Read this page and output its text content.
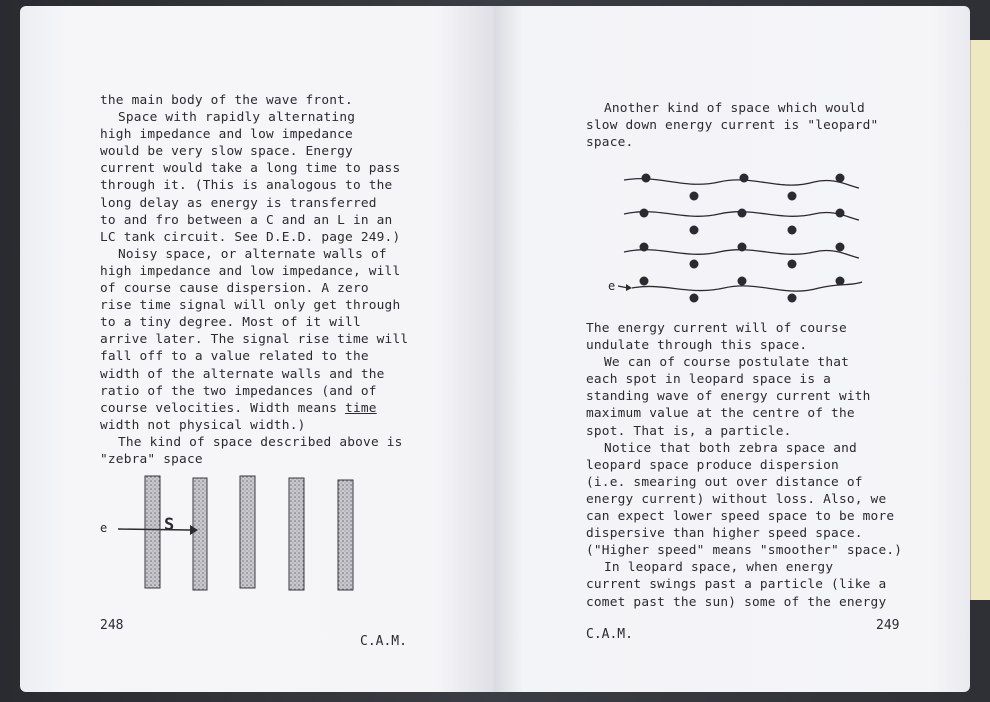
the main body of the wave front.

Space with rapidly alternating

high impedance and low impedance

would be very slow space. Energy

current would take a long time to pass

through it. (This is analogous to the

long delay as energy is transferred

to and fro between a C and an L in an

LC tank circuit. See D.E.D. page 249.)

Noisy space, or alternate walls of

high impedance and low impedance, will

of course cause dispersion. A zero

rise time signal will only get through

to a tiny degree. Most of it will

arrive later. The signal rise time will

fall off to a value related to the

width of the alternate walls and the

ratio of the two impedances (and of

course velocities. Width means time

width not physical width.)

The kind of space described above is

"zebra" space

e	S
248
C.A.M.

Another kind of space which would

slow down energy current is "leopard"

space.

e

The energy current will of course

undulate through this space.

We can of course postulate that

each spot in leopard space is a

standing wave of energy current with

maximum value at the centre of the

spot. That is, a particle.

Notice that both zebra space and

leopard space produce dispersion

(i.e. smearing out over distance of

energy current) without loss. Also, we

can expect lower speed space to be more

dispersive than higher speed space.

("Higher speed" means "smoother" space.)

In leopard space, when energy

current swings past a particle (like a

comet past the sun) some of the energy

C.A.M.
249
